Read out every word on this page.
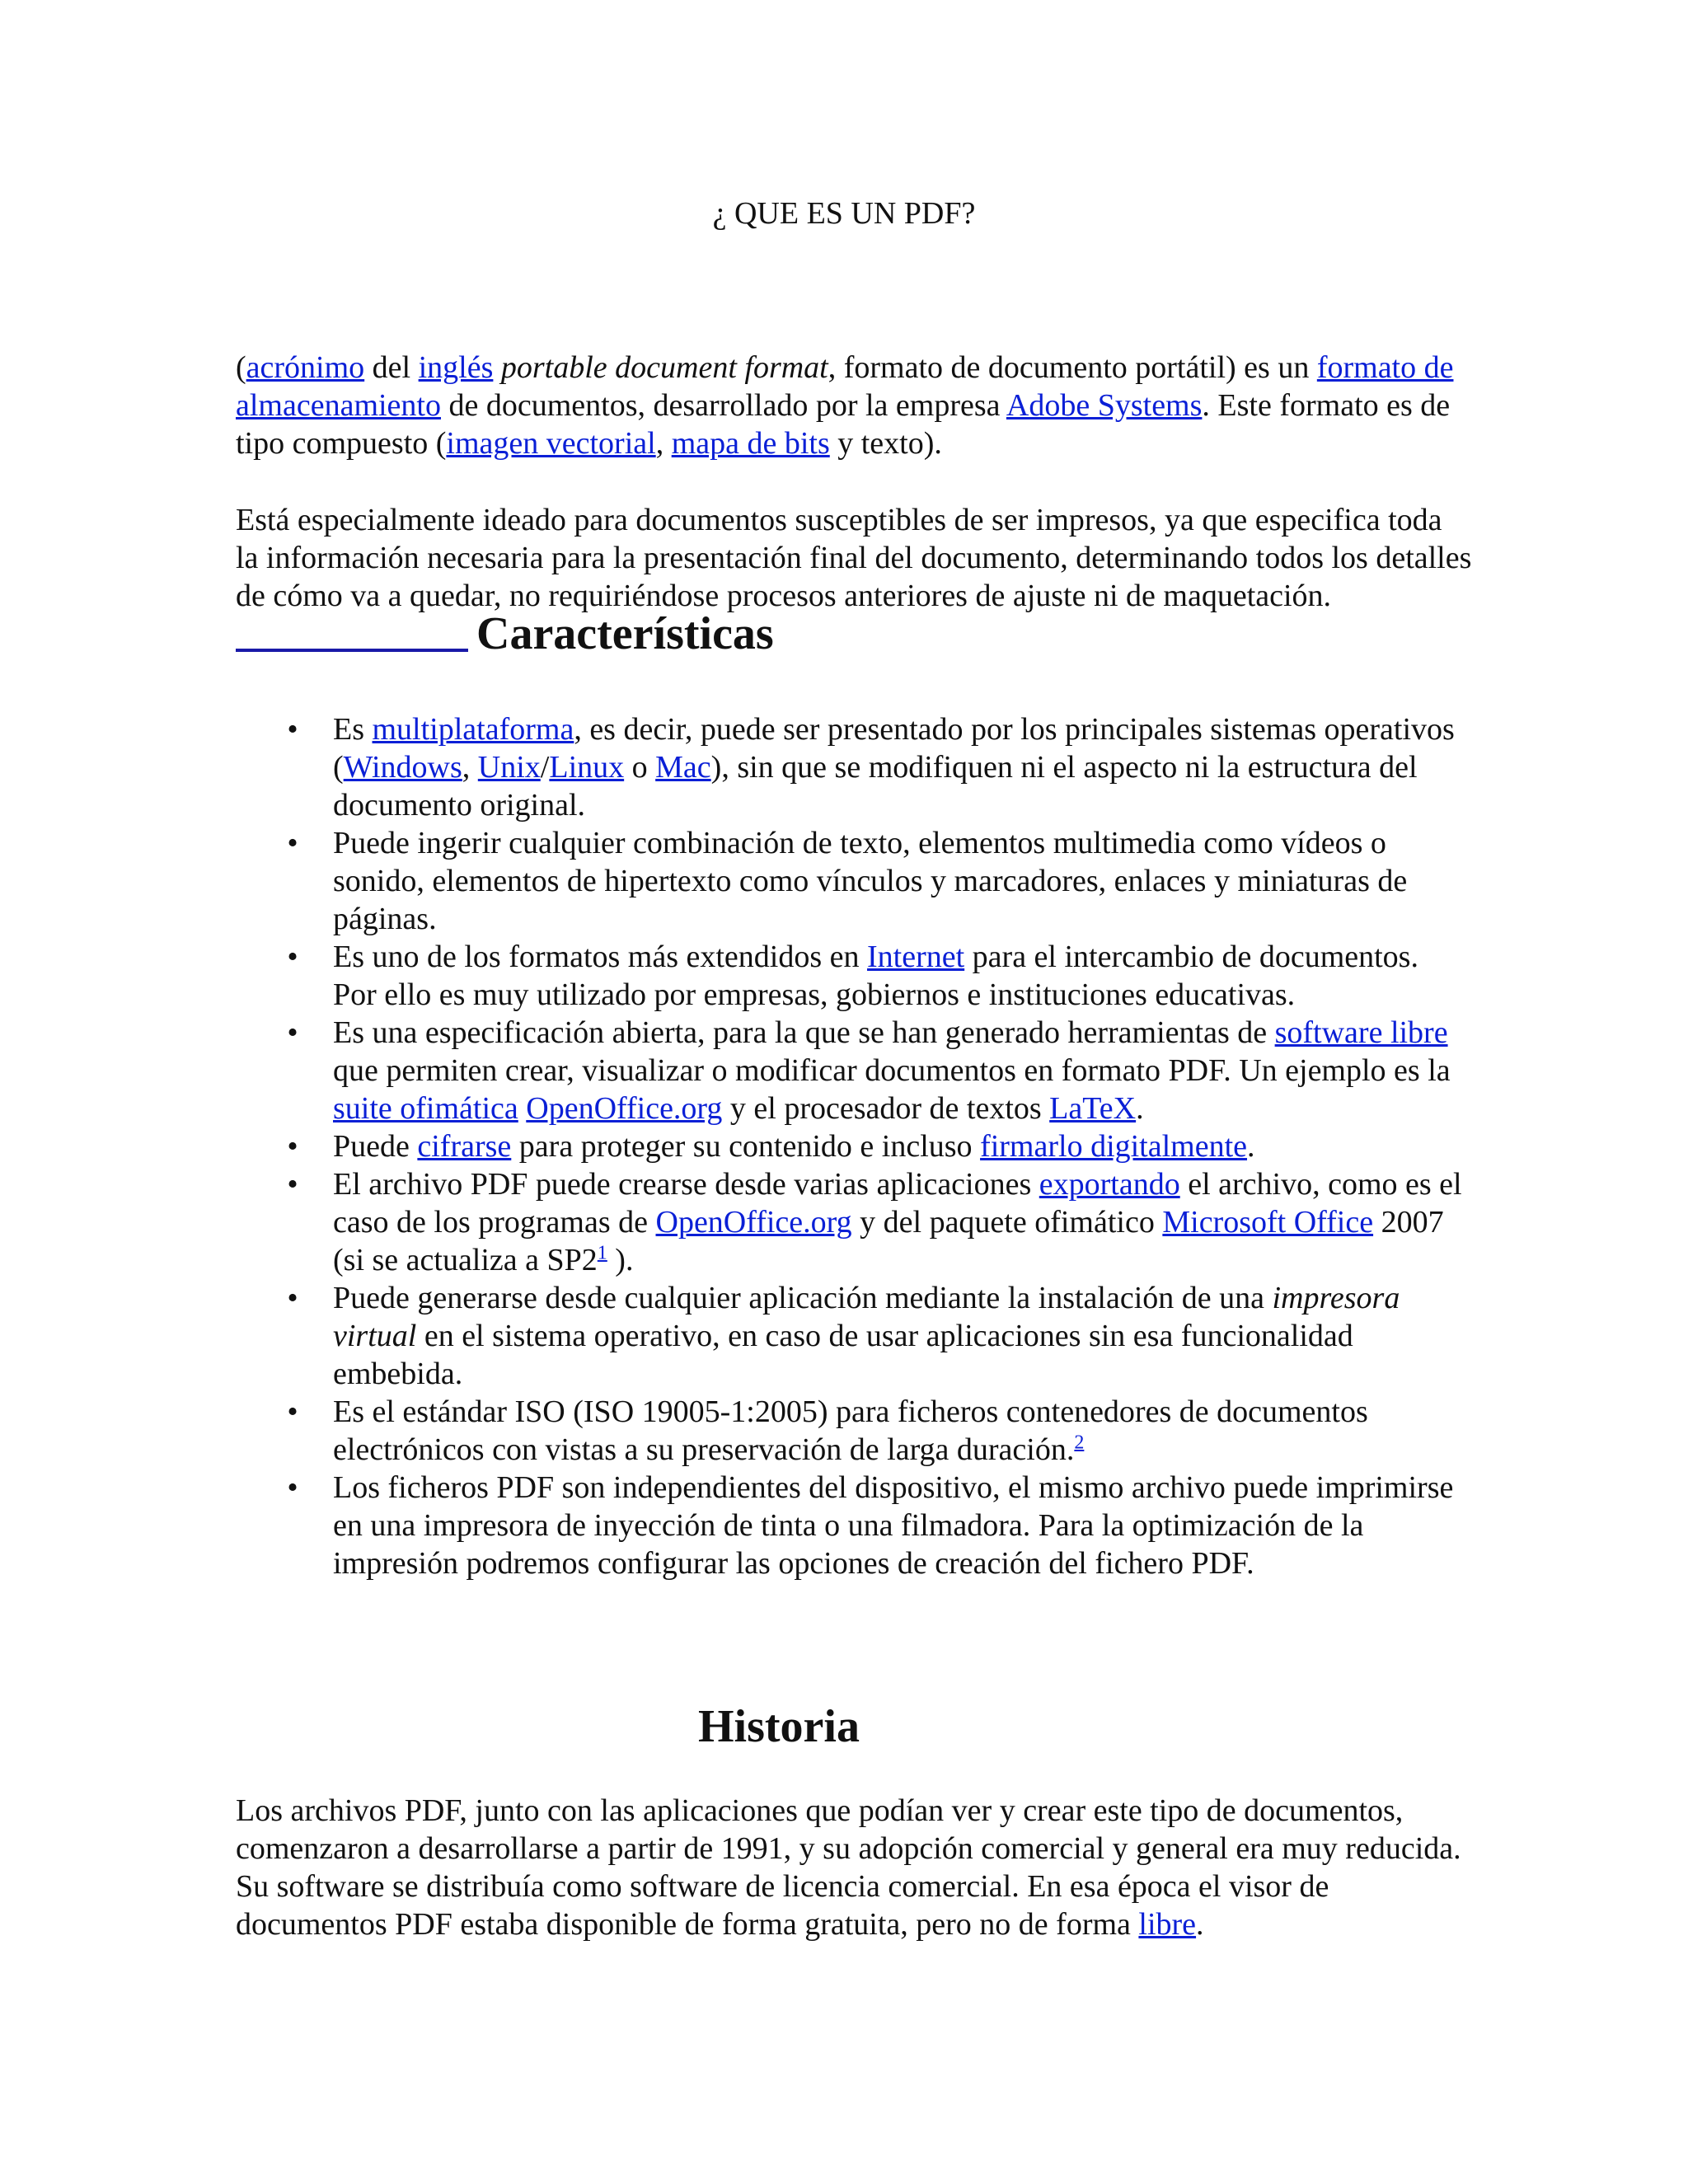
¿ QUE ES UN PDF?

(acrónimo del inglés portable document format, formato de documento portátil) es un formato de almacenamiento de documentos, desarrollado por la empresa Adobe Systems. Este formato es de tipo compuesto (imagen vectorial, mapa de bits y texto).

Está especialmente ideado para documentos susceptibles de ser impresos, ya que especifica toda la información necesaria para la presentación final del documento, determinando todos los detalles de cómo va a quedar, no requiriéndose procesos anteriores de ajuste ni de maquetación.Características

• Es multiplataforma, es decir, puede ser presentado por los principales sistemas operativos (Windows, Unix/Linux o Mac), sin que se modifiquen ni el aspecto ni la estructura del documento original.
• Puede ingerir cualquier combinación de texto, elementos multimedia como vídeos o sonido, elementos de hipertexto como vínculos y marcadores, enlaces y miniaturas de páginas.
• Es uno de los formatos más extendidos en Internet para el intercambio de documentos. Por ello es muy utilizado por empresas, gobiernos e instituciones educativas.
• Es una especificación abierta, para la que se han generado herramientas de software libre que permiten crear, visualizar o modificar documentos en formato PDF. Un ejemplo es la suite ofimática OpenOffice.org y el procesador de textos LaTeX.
• Puede cifrarse para proteger su contenido e incluso firmarlo digitalmente.
• El archivo PDF puede crearse desde varias aplicaciones exportando el archivo, como es el caso de los programas de OpenOffice.org y del paquete ofimático Microsoft Office 2007 (si se actualiza a $SP2^1$ ).
• Puede generarse desde cualquier aplicación mediante la instalación de una impresora virtual en el sistema operativo, en caso de usar aplicaciones sin esa funcionalidad embebida.
• Es el estándar ISO (ISO 19005-1:2005) para ficheros contenedores de documentos electrónicos con vistas a su preservación de larga duración.$^2$
• Los ficheros PDF son independientes del dispositivo, el mismo archivo puede imprimirse en una impresora de inyección de tinta o una filmadora. Para la optimización de la impresión podremos configurar las opciones de creación del fichero PDF.
Historia

Los archivos PDF, junto con las aplicaciones que podían ver y crear este tipo de documentos, comenzaron a desarrollarse a partir de 1991, y su adopción comercial y general era muy reducida. Su software se distribuía como software de licencia comercial. En esa época el visor de documentos PDF estaba disponible de forma gratuita, pero no de forma libre.
